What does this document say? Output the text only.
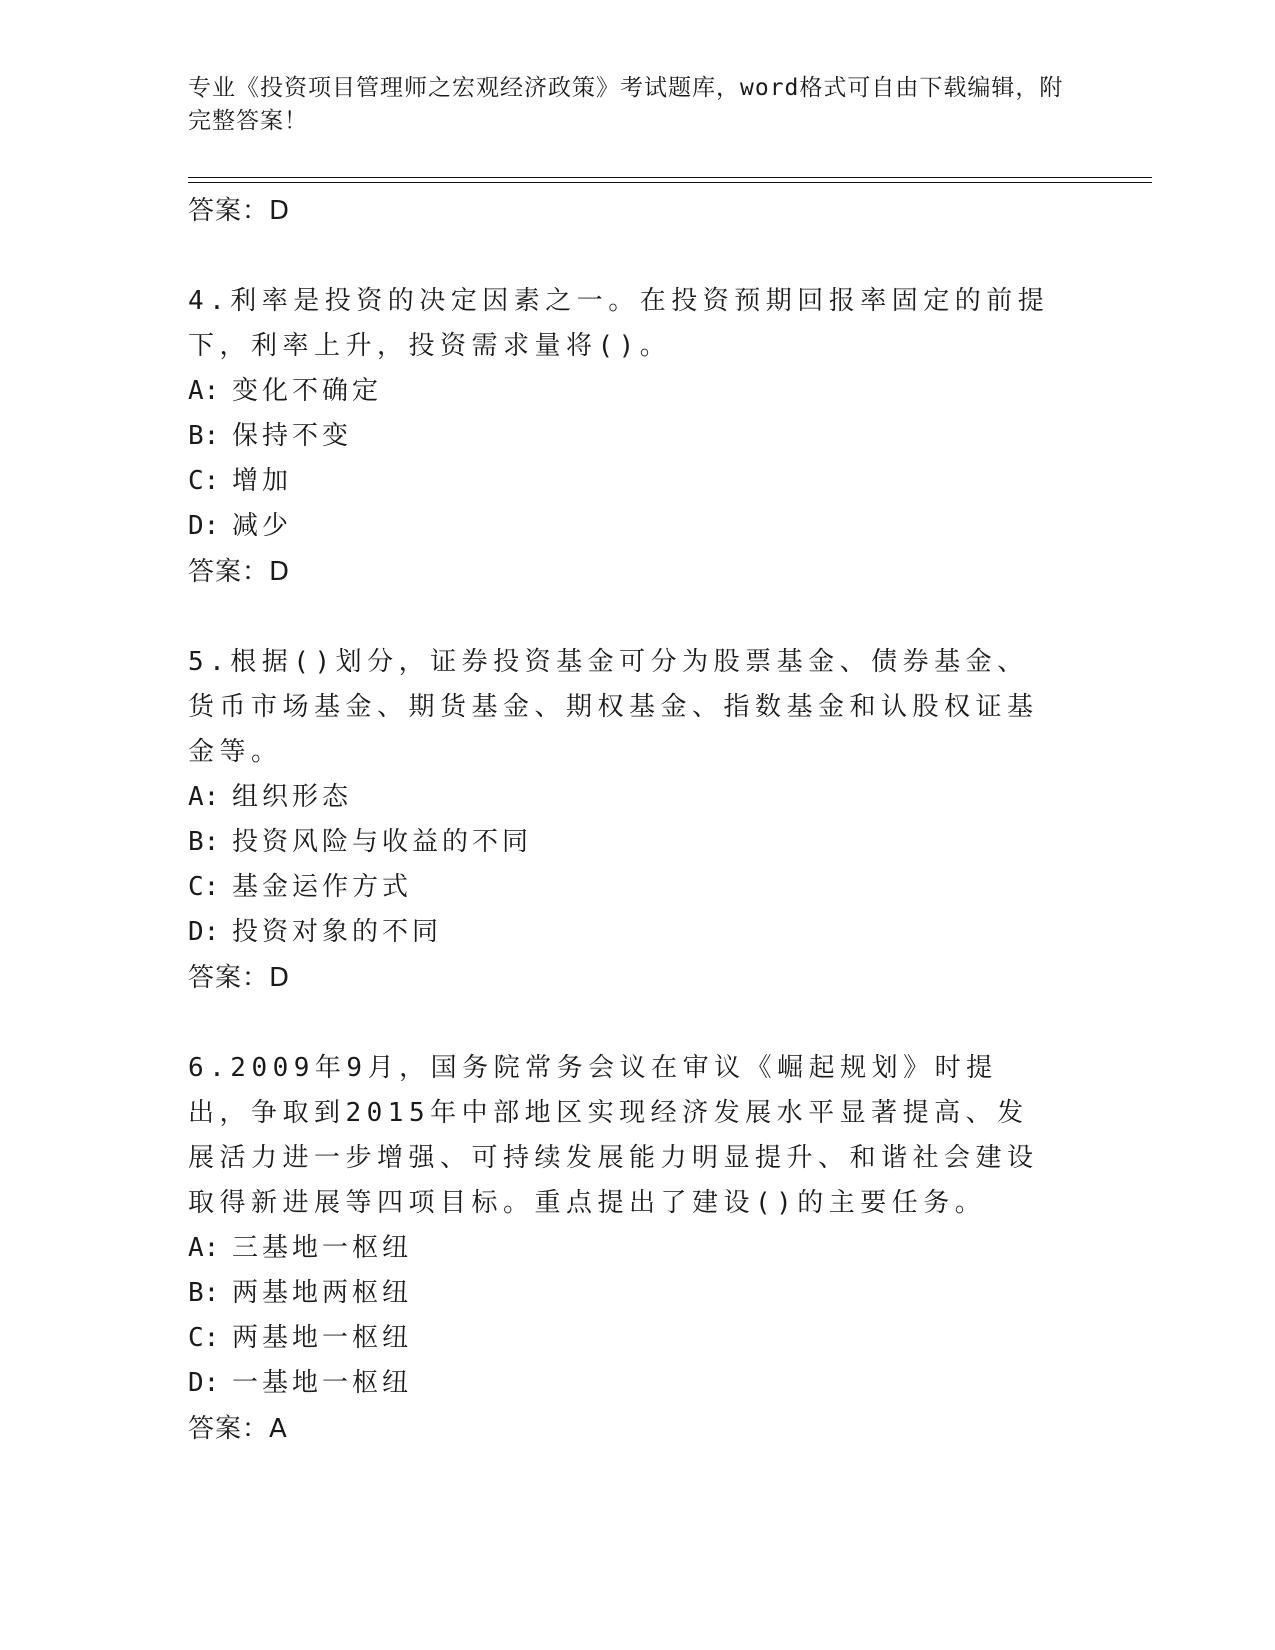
专业《投资项目管理师之宏观经济政策》考试题库，word格式可自由下载编辑，附完整答案！
答案：D
4.利率是投资的决定因素之一。在投资预期回报率固定的前提下，利率上升，投资需求量将()。
A: 变化不确定
B: 保持不变
C: 增加
D: 减少
答案：D
5.根据()划分，证券投资基金可分为股票基金、债券基金、货币市场基金、期货基金、期权基金、指数基金和认股权证基金等。
A: 组织形态
B: 投资风险与收益的不同
C: 基金运作方式
D: 投资对象的不同
答案：D
6.2009年9月，国务院常务会议在审议《崛起规划》时提出，争取到2015年中部地区实现经济发展水平显著提高、发展活力进一步增强、可持续发展能力明显提升、和谐社会建设取得新进展等四项目标。重点提出了建设()的主要任务。
A: 三基地一枢纽
B: 两基地两枢纽
C: 两基地一枢纽
D: 一基地一枢纽
答案：A
